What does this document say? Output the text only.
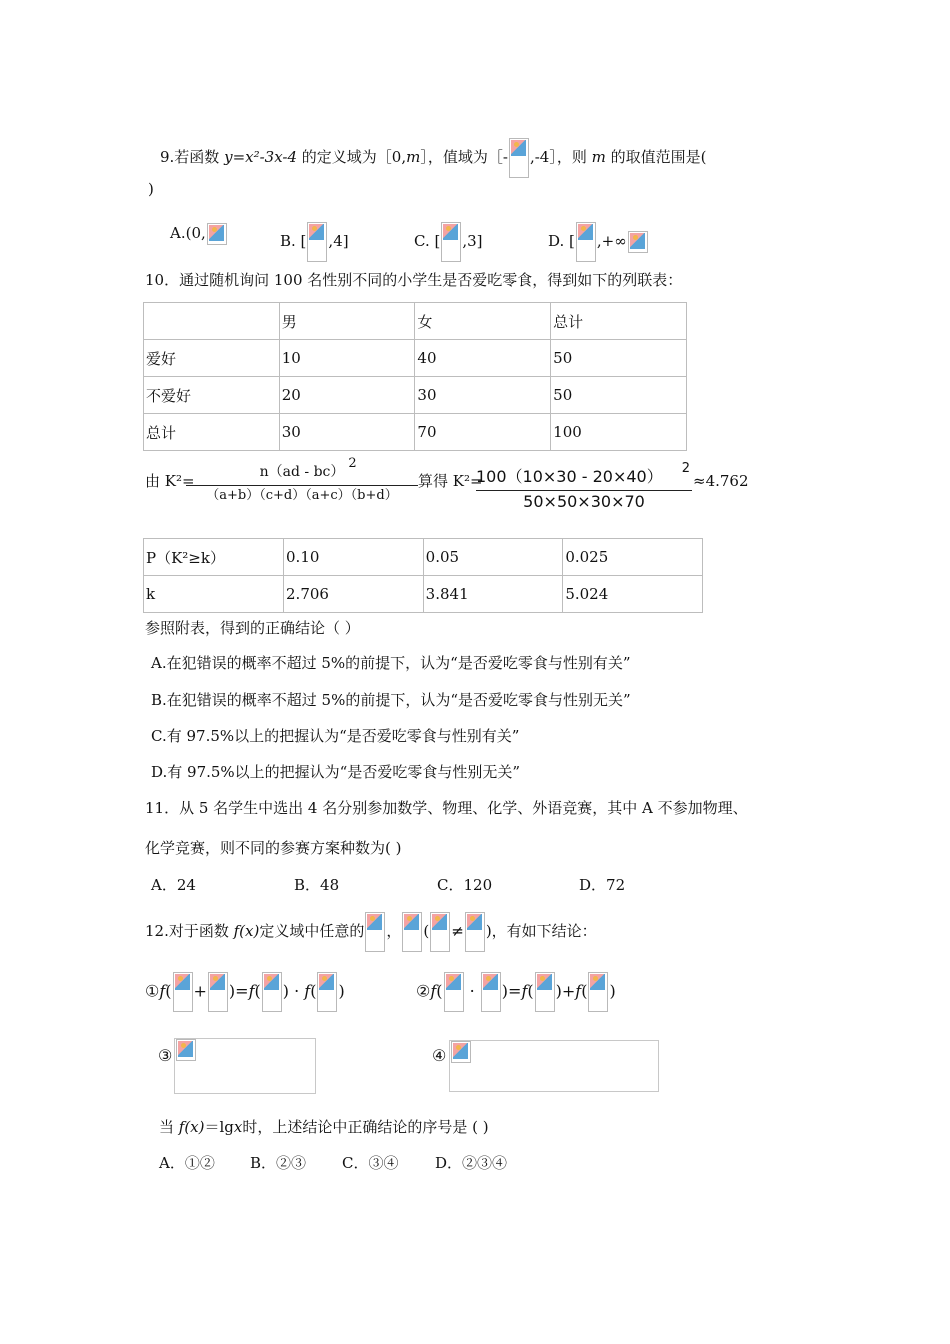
9.若函数 y=x²-3x-4 的定义域为［0,m］，值域为［- ,-4］，则 m 的取值范围是(
)
A.(0,	B. [ ,4]	C. [ ,3]	D. [ ,+∞
10．通过随机询问 100 名性别不同的小学生是否爱吃零食，得到如下的列联表：
	男	女	总计
爱好	10	40	50
不爱好	20	30	50
总计	30	70	100
由 K²=	n（ad - bc）
2
（a+b）（c+d）（a+c）（b+d）
算得 K²=
100（10×30 - 20×40） 2
50×50×30×70
≈4.762
P（K²≥k）	0.10	0.05	0.025
k	2.706	3.841	5.024
参照附表，得到的正确结论（ ）
A.在犯错误的概率不超过 5%的前提下，认为“是否爱吃零食与性别有关”
B.在犯错误的概率不超过 5%的前提下，认为“是否爱吃零食与性别无关”
C.有 97.5%以上的把握认为“是否爱吃零食与性别有关”
D.有 97.5%以上的把握认为“是否爱吃零食与性别无关”
11．从 5 名学生中选出 4 名分别参加数学、物理、化学、外语竞赛，其中 A 不参加物理、
化学竞赛，则不同的参赛方案种数为( )
A．24	B．48	C．120	D．72
12.对于函数 f(x)定义域中任意的 ， ( ≠ )，有如下结论：
①f( + )=f( ) · f( )	②f( · )=f( )+f( )
③	④
当 f(x)＝lgx时，上述结论中正确结论的序号是 ( )
A．①② B．②③ C．③④ D．②③④
